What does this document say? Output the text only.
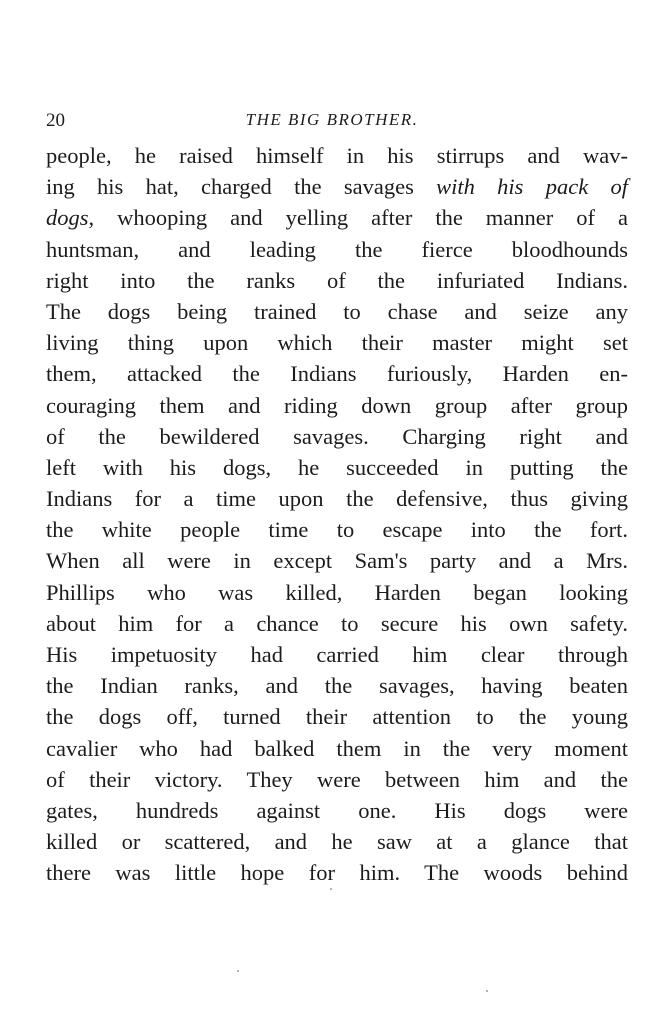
20	THE BIG BROTHER.
people, he raised himself in his stirrups and wav-
ing his hat, charged the savages with his pack of
dogs, whooping and yelling after the manner of a
huntsman, and leading the fierce bloodhounds
right into the ranks of the infuriated Indians.
The dogs being trained to chase and seize any
living thing upon which their master might set
them, attacked the Indians furiously, Harden en-
couraging them and riding down group after group
of the bewildered savages. Charging right and
left with his dogs, he succeeded in putting the
Indians for a time upon the defensive, thus giving
the white people time to escape into the fort.
When all were in except Sam's party and a Mrs.
Phillips who was killed, Harden began looking
about him for a chance to secure his own safety.
His impetuosity had carried him clear through
the Indian ranks, and the savages, having beaten
the dogs off, turned their attention to the young
cavalier who had balked them in the very moment
of their victory. They were between him and the
gates, hundreds against one. His dogs were
killed or scattered, and he saw at a glance that
there was little hope for him. The woods behind
